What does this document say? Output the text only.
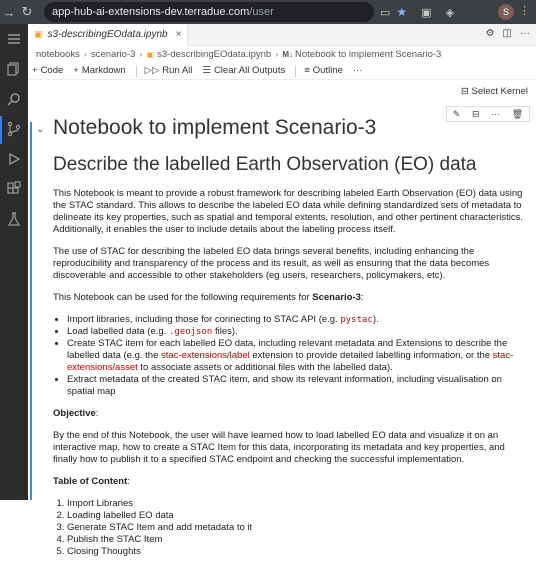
→ ↻	app-hub-ai-extensions-dev.terradue.com /user	▭ ★ ▣ ◈	S ⋮
▣ s3-describingEOdata.ipynb ×	⚙ ◫ ···
notebooks › scenario-3 › ▣ s3-describingEOdata.ipynb › M↓ Notebook to implement Scenario-3
+ Code + Markdown ▷▷ Run All ☰ Clear All Outputs ≡ Outline ···
⊟ Select Kernel
✎ ⊟ ··· 🗑
⌄ Notebook to implement Scenario-3
Describe the labelled Earth Observation (EO) data

This Notebook is meant to provide a robust framework for describing labeled Earth Observation (EO) data using the STAC standard. This allows to describe the labeled EO data while defining standardized sets of metadata to delineate its key properties, such as spatial and temporal extents, resolution, and other pertinent characteristics. Additionally, it enables the user to include details about the labeling process itself.

The use of STAC for describing the labeled EO data brings several benefits, including enhancing the reproducibility and transparency of the process and its result, as well as ensuring that the data becomes discoverable and accessible to other stakeholders (eg users, researchers, policymakers, etc).

This Notebook can be used for the following requirements for Scenario-3:

• Import libraries, including those for connecting to STAC API (e.g. pystac).
• Load labelled data (e.g. .geojson files).
• Create STAC item for each labelled EO data, including relevant metadata and Extensions to describe the labelled data (e.g. the stac-extensions/label extension to provide detailed labelling information, or the stac-extensions/asset to associate assets or additional files with the labelled data).
• Extract metadata of the created STAC item, and show its relevant information, including visualisation on spatial map

Objective:

By the end of this Notebook, the user will have learned how to load labelled EO data and visualize it on an interactive map, how to create a STAC Item for this data, incorporating its metadata and key properties, and finally how to publish it to a specified STAC endpoint and checking the successful implementation.

Table of Content:

1. Import Libraries
2. Loading labelled EO data
3. Generate STAC Item and add metadata to it
4. Publish the STAC Item
5. Closing Thoughts
